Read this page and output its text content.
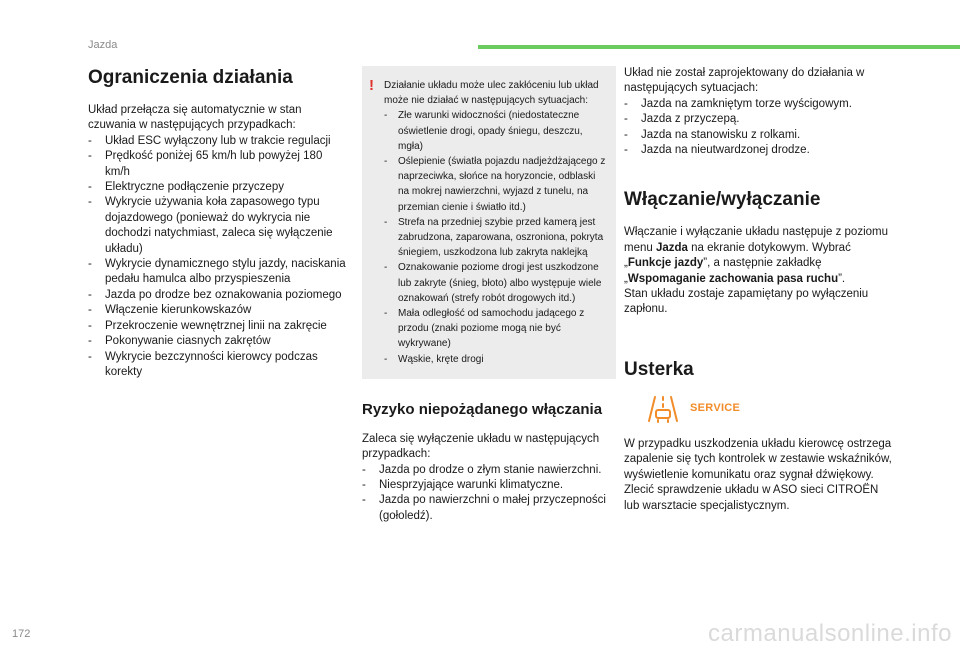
Jazda
Ograniczenia działania

Układ przełącza się automatycznie w stan czuwania w następujących przypadkach:

- Układ ESC wyłączony lub w trakcie regulacji
- Prędkość poniżej 65 km/h lub powyżej 180 km/h
- Elektryczne podłączenie przyczepy
- Wykrycie używania koła zapasowego typu dojazdowego (ponieważ do wykrycia nie dochodzi natychmiast, zaleca się wyłączenie układu)
- Wykrycie dynamicznego stylu jazdy, naciskania pedału hamulca albo przyspieszenia
- Jazda po drodze bez oznakowania poziomego
- Włączenie kierunkowskazów
- Przekroczenie wewnętrznej linii na zakręcie
- Pokonywanie ciasnych zakrętów
- Wykrycie bezczynności kierowcy podczas korekty
! Działanie układu może ulec zakłóceniu lub układ może nie działać w następujących sytuacjach:

- Złe warunki widoczności (niedostateczne oświetlenie drogi, opady śniegu, deszczu, mgła)
- Oślepienie (światła pojazdu nadjeżdżającego z naprzeciwka, słońce na horyzoncie, odblaski na mokrej nawierzchni, wyjazd z tunelu, na przemian cienie i światło itd.)
- Strefa na przedniej szybie przed kamerą jest zabrudzona, zaparowana, oszroniona, pokryta śniegiem, uszkodzona lub zakryta naklejką
- Oznakowanie poziome drogi jest uszkodzone lub zakryte (śnieg, błoto) albo występuje wiele oznakowań (strefy robót drogowych itd.)
- Mała odległość od samochodu jadącego z przodu (znaki poziome mogą nie być wykrywane)
- Wąskie, kręte drogi
Ryzyko niepożądanego włączania

Zaleca się wyłączenie układu w następujących przypadkach:

- Jazda po drodze o złym stanie nawierzchni.
- Niesprzyjające warunki klimatyczne.
- Jazda po nawierzchni o małej przyczepności (gołoledź).

Układ nie został zaprojektowany do działania w następujących sytuacjach:

- Jazda na zamkniętym torze wyścigowym.
- Jazda z przyczepą.
- Jazda na stanowisku z rolkami.
- Jazda na nieutwardzonej drodze.
Włączanie/wyłączanie

Włączanie i wyłączanie układu następuje z poziomu menu Jazda na ekranie dotykowym. Wybrać „Funkcje jazdy”, a następnie zakładkę „Wspomaganie zachowania pasa ruchu”.

Stan układu zostaje zapamiętany po wyłączeniu zapłonu.

Usterka
SERVICE

W przypadku uszkodzenia układu kierowcę ostrzega zapalenie się tych kontrolek w zestawie wskaźników, wyświetlenie komunikatu oraz sygnał dźwiękowy.

Zlecić sprawdzenie układu w ASO sieci CITROËN lub warsztacie specjalistycznym.

172	carmanualsonline.info
